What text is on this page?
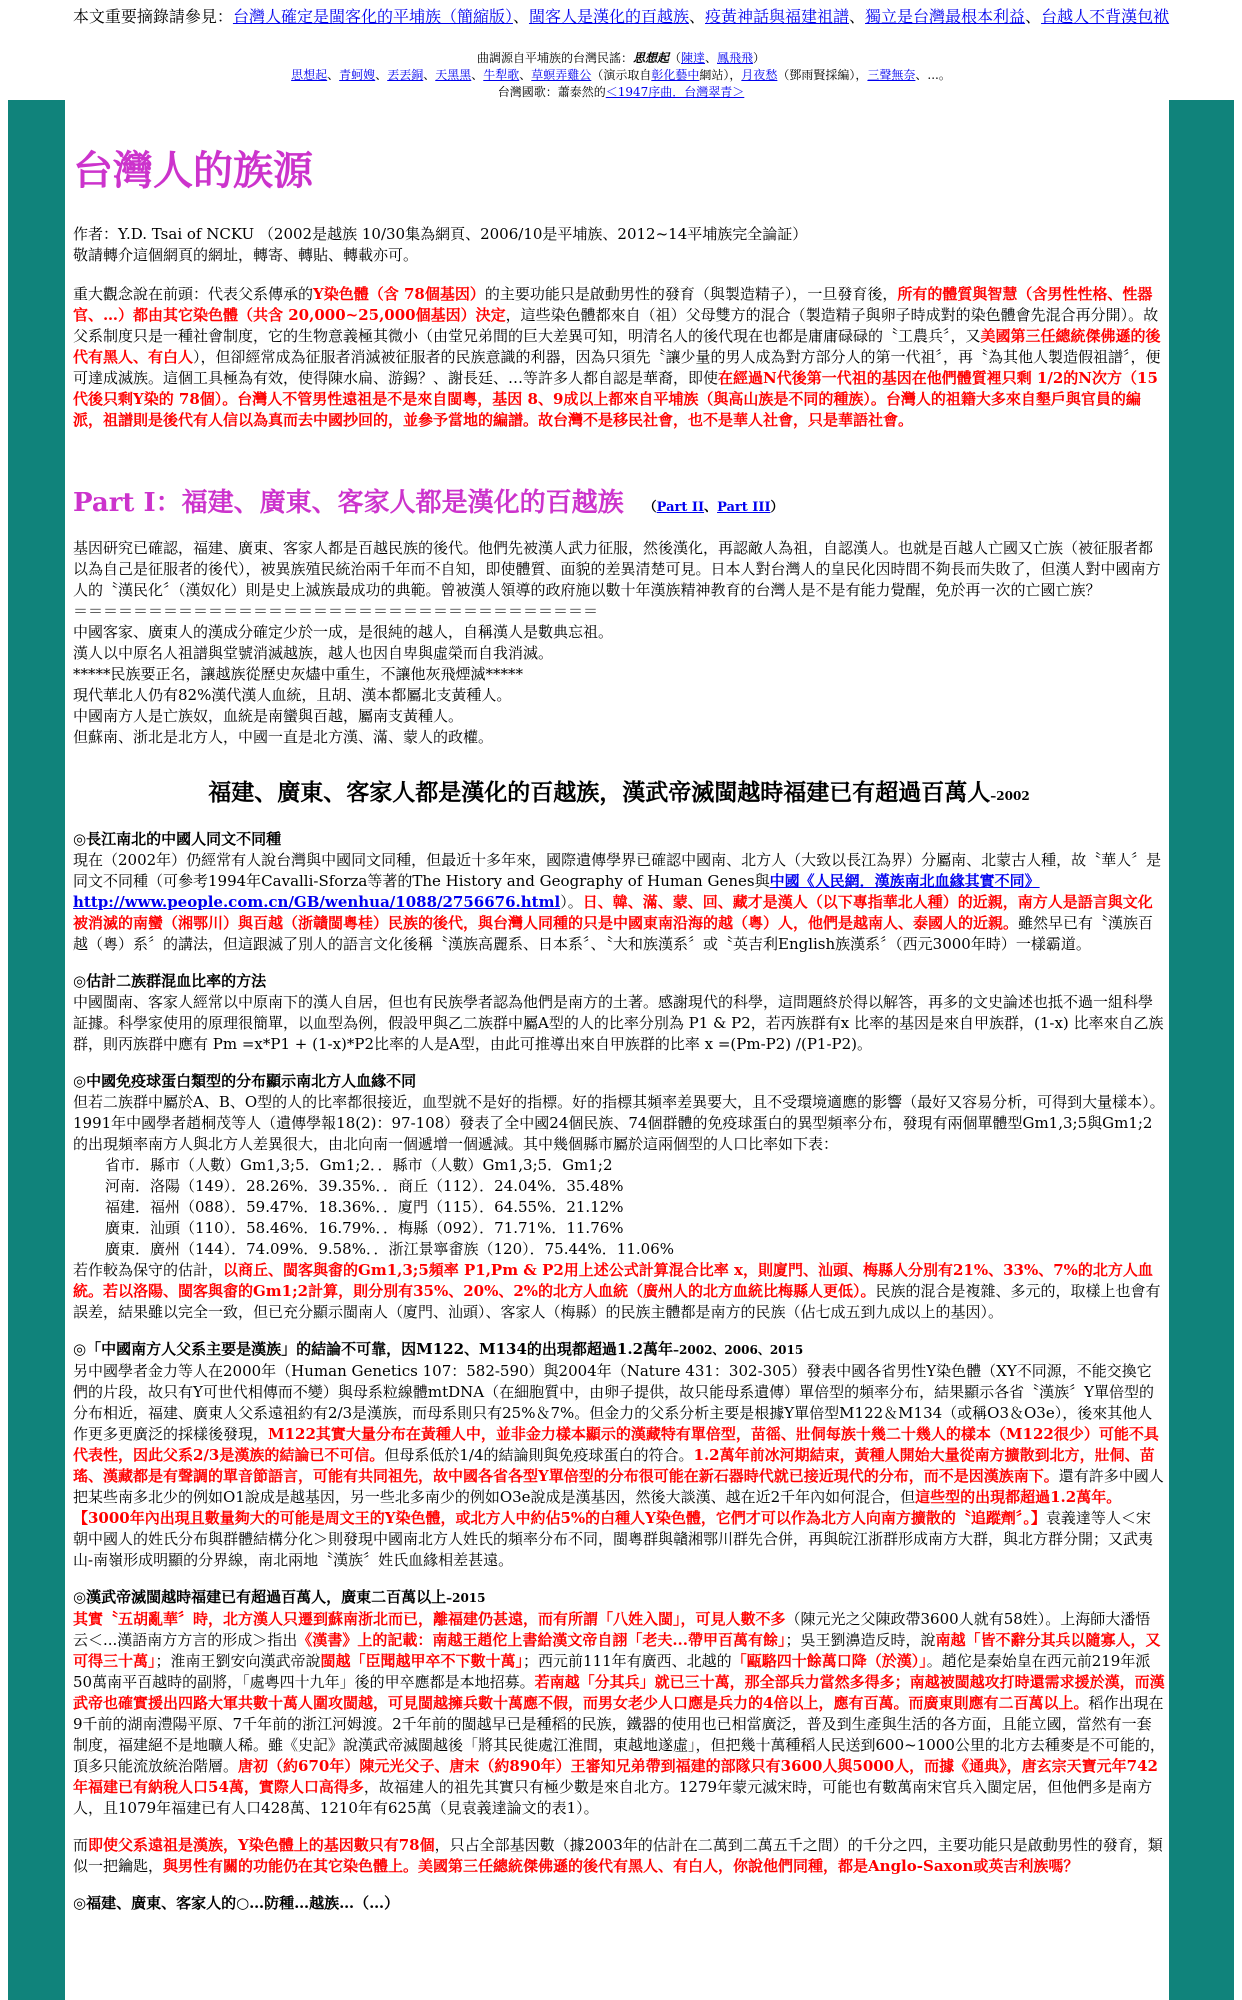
本文重要摘錄請參見：台灣人確定是閩客化的平埔族（簡縮版）、閩客人是漢化的百越族、疫黃神話與福建祖譜、獨立是台灣最根本利益、台越人不背漢包袱
曲調源自平埔族的台灣民謠：思想起（陳達、鳳飛飛）
思想起、青蚵嫂、丟丟銅、天黑黑、牛犁歌、草螟弄雞公（演示取自彰化藝中網站），月夜愁（鄧雨賢採編），三聲無奈、...。
台灣國歌：蕭泰然的＜1947序曲．台灣翠青＞
台灣人的族源

作者：Y.D. Tsai of NCKU （2002是越族 10/30集為網頁、2006/10是平埔族、2012~14平埔族完全論証）

敬請轉介這個網頁的網址，轉寄、轉貼、轉載亦可。

重大觀念說在前頭：代表父系傳承的Y染色體（含 78個基因）的主要功能只是啟動男性的發育（與製造精子），一旦發育後，所有的體質與智慧（含男性性格、性器官、…）都由其它染色體（共含 20,000~25,000個基因）決定，這些染色體都來自（祖）父母雙方的混合（製造精子與卵子時成對的染色體會先混合再分開）。故父系制度只是一種社會制度，它的生物意義極其微小（由堂兄弟間的巨大差異可知，明清名人的後代現在也都是庸庸碌碌的〝工農兵〞，又美國第三任總統傑佛遜的後代有黑人、有白人），但卻經常成為征服者消滅被征服者的民族意識的利器，因為只須先〝讓少量的男人成為對方部分人的第一代祖〞，再〝為其他人製造假祖譜〞，便可達成滅族。這個工具極為有效，使得陳水扁、游錫？、謝長廷、…等許多人都自認是華裔，即使在經過N代後第一代祖的基因在他們體質裡只剩 1/2的N次方（15代後只剩Y染的 78個）。台灣人不管男性遠祖是不是來自閩粵，基因 8、9成以上都來自平埔族（與高山族是不同的種族）。台灣人的祖籍大多來自墾戶與官員的編派，祖譜則是後代有人信以為真而去中國抄回的，並參予當地的編譜。故台灣不是移民社會，也不是華人社會，只是華語社會。

Part I：福建、廣東、客家人都是漢化的百越族 （Part II、Part III）

基因研究已確認，福建、廣東、客家人都是百越民族的後代。他們先被漢人武力征服，然後漢化，再認敵人為祖，自認漢人。也就是百越人亡國又亡族（被征服者都以為自己是征服者的後代），被異族殖民統治兩千年而不自知，即使體質、面貌的差異清楚可見。日本人對台灣人的皇民化因時間不夠長而失敗了，但漢人對中國南方人的〝漢民化〞（漢奴化）則是史上滅族最成功的典範。曾被漢人領導的政府施以數十年漢族精神教育的台灣人是不是有能力覺醒，免於再一次的亡國亡族？

＝＝＝＝＝＝＝＝＝＝＝＝＝＝＝＝＝＝＝＝＝＝＝＝＝＝＝＝＝＝＝＝＝＝＝

中國客家、廣東人的漢成分確定少於一成，是很純的越人，自稱漢人是數典忘祖。

漢人以中原名人祖譜與堂號消滅越族，越人也因自卑與虛榮而自我消滅。

*****民族要正名，讓越族從歷史灰燼中重生，不讓他灰飛煙滅*****

現代華北人仍有82%漢代漢人血統，且胡、漢本都屬北支黃種人。

中國南方人是亡族奴，血統是南蠻與百越，屬南支黃種人。

但蘇南、浙北是北方人，中國一直是北方漢、滿、蒙人的政權。

福建、廣東、客家人都是漢化的百越族，漢武帝滅閩越時福建已有超過百萬人–2002

◎長江南北的中國人同文不同種

現在（2002年）仍經常有人說台灣與中國同文同種，但最近十多年來，國際遺傳學界已確認中國南、北方人（大致以長江為界）分屬南、北蒙古人種，故〝華人〞是同文不同種（可參考1994年Cavalli-Sforza等著的The History and Geography of Human Genes與中國《人民網．漢族南北血緣其實不同》
http://www.people.com.cn/GB/wenhua/1088/2756676.html）。日、韓、滿、蒙、回、藏才是漢人（以下專指華北人種）的近親，南方人是語言與文化被消滅的南蠻（湘鄂川）與百越（浙贛閩粵桂）民族的後代，與台灣人同種的只是中國東南沿海的越（粵）人，他們是越南人、泰國人的近親。雖然早已有〝漢族百越（粵）系〞的講法，但這跟滅了別人的語言文化後稱〝漢族高麗系、日本系〞、〝大和族漢系〞或〝英吉利English族漢系〞（西元3000年時）一樣霸道。

◎估計二族群混血比率的方法

中國閩南、客家人經常以中原南下的漢人自居，但也有民族學者認為他們是南方的土著。感謝現代的科學，這問題終於得以解答，再多的文史論述也抵不過一組科學証據。科學家使用的原理很簡單，以血型為例，假設甲與乙二族群中屬A型的人的比率分別為 P1 & P2，若丙族群有x 比率的基因是來自甲族群，(1-x) 比率來自乙族群，則丙族群中應有 Pm =x*P1 + (1-x)*P2比率的人是A型，由此可推導出來自甲族群的比率 x =(Pm-P2) /(P1-P2)。

◎中國免疫球蛋白類型的分布顯示南北方人血緣不同

但若二族群中屬於A、B、O型的人的比率都很接近，血型就不是好的指標。好的指標其頻率差異要大，且不受環境適應的影響（最好又容易分析，可得到大量樣本）。1991年中國學者趙桐茂等人（遺傳學報18(2)：97-108）發表了全中國24個民族、74個群體的免疫球蛋白的異型頻率分布，發現有兩個單體型Gm1,3;5與Gm1;2的出現頻率南方人與北方人差異很大，由北向南一個遞增一個遞減。其中幾個縣市屬於這兩個型的人口比率如下表：

省市．縣市（人數）Gm1,3;5．Gm1;2．．縣市（人數）Gm1,3;5．Gm1;2
河南．洛陽（149）．28.26%．39.35%．．商丘（112）．24.04%．35.48%
福建．福州（088）．59.47%．18.36%．．廈門（115）．64.55%．21.12%
廣東．汕頭（110）．58.46%．16.79%．．梅縣（092）．71.71%．11.76%
廣東．廣州（144）．74.09%．9.58%．．浙江景寧畬族（120）．75.44%．11.06%

若作較為保守的估計，以商丘、閩客與畬的Gm1,3;5頻率 P1,Pm & P2用上述公式計算混合比率 x，則廈門、汕頭、梅縣人分別有21%、33%、7%的北方人血統。若以洛陽、閩客與畬的Gm1;2計算，則分別有35%、20%、2%的北方人血統（廣州人的北方血統比梅縣人更低）。民族的混合是複雜、多元的，取樣上也會有誤差，結果雖以完全一致，但已充分顯示閩南人（廈門、汕頭）、客家人（梅縣）的民族主體都是南方的民族（佔七成五到九成以上的基因）。

◎「中國南方人父系主要是漢族」的結論不可靠，因M122、M134的出現都超過1.2萬年–2002、2006、2015

另中國學者金力等人在2000年（Human Genetics 107：582-590）與2004年（Nature 431：302-305）發表中國各省男性Y染色體（XY不同源，不能交換它們的片段，故只有Y可世代相傳而不變）與母系粒線體mtDNA（在細胞質中，由卵子提供，故只能母系遺傳）單倍型的頻率分布，結果顯示各省〝漢族〞Y單倍型的分布相近，福建、廣東人父系遠祖約有2/3是漢族，而母系則只有25%＆7%。但金力的父系分析主要是根據Y單倍型M122＆M134（或稱O3＆O3e），後來其他人作更多更廣泛的採樣後發現，M122其實大量分布在黃種人中，並非金力樣本顯示的漢藏特有單倍型，苗徭、壯侗每族十幾二十幾人的樣本（M122很少）可能不具代表性，因此父系2/3是漢族的結論已不可信。但母系低於1/4的結論則與免疫球蛋白的符合。1.2萬年前冰河期結束，黃種人開始大量從南方擴散到北方，壯侗、苗瑤、漢藏都是有聲調的單音節語言，可能有共同祖先，故中國各省各型Y單倍型的分布很可能在新石器時代就已接近現代的分布，而不是因漢族南下。還有許多中國人把某些南多北少的例如O1說成是越基因，另一些北多南少的例如O3e說成是漢基因，然後大談漢、越在近2千年內如何混合，但這些型的出現都超過1.2萬年。【3000年內出現且數量夠大的可能是周文王的Y染色體，或北方人中約佔5%的白種人Y染色體，它們才可以作為北方人向南方擴散的〝追蹤劑〞。】袁義達等人＜宋朝中國人的姓氏分布與群體結構分化＞則發現中國南北方人姓氏的頻率分布不同，閩粵群與贛湘鄂川群先合併，再與皖江浙群形成南方大群，與北方群分開；又武夷山-南嶺形成明顯的分界線，南北兩地〝漢族〞姓氏血緣相差甚遠。

◎漢武帝滅閩越時福建已有超過百萬人，廣東二百萬以上–2015

其實〝五胡亂華〞時，北方漢人只遷到蘇南浙北而已，離福建仍甚遠，而有所謂「八姓入閩」，可見人數不多（陳元光之父陳政帶3600人就有58姓）。上海師大潘悟云＜...漢語南方方言的形成＞指出《漢書》上的記載：南越王趙佗上書給漢文帝自詡「老夫...帶甲百萬有餘」；吳王劉濞造反時，說南越「皆不辭分其兵以隨寡人，又可得三十萬」；淮南王劉安向漢武帝說閩越「臣聞越甲卒不下數十萬」；西元前111年有廣西、北越的「甌駱四十餘萬口降（於漢）」。趙佗是秦始皇在西元前219年派50萬南平百越時的副將，「處粵四十九年」後的甲卒應都是本地招募。若南越「分其兵」就已三十萬，那全部兵力當然多得多；南越被閩越攻打時還需求援於漢，而漢武帝也確實援出四路大軍共數十萬人圍攻閩越，可見閩越擁兵數十萬應不假，而男女老少人口應是兵力的4倍以上，應有百萬。而廣東則應有二百萬以上。稻作出現在9千前的湖南澧陽平原、7千年前的浙江河姆渡。2千年前的閩越早已是種稻的民族，鐵器的使用也已相當廣泛，普及到生產與生活的各方面，且能立國，當然有一套制度，福建絕不是地曠人稀。雖《史記》說漢武帝滅閩越後「將其民徙處江淮間，東越地遂虛」，但把幾十萬種稻人民送到600~1000公里的北方去種麥是不可能的，頂多只能流放統治階層。唐初（約670年）陳元光父子、唐末（約890年）王審知兄弟帶到福建的部隊只有3600人與5000人，而據《通典》，唐玄宗天寶元年742年福建已有納稅人口54萬，實際人口高得多，故福建人的祖先其實只有極少數是來自北方。1279年蒙元滅宋時，可能也有數萬南宋官兵入閩定居，但他們多是南方人，且1079年福建已有人口428萬、1210年有625萬（見袁義達論文的表1）。

而即使父系遠祖是漢族，Y染色體上的基因數只有78個，只占全部基因數（據2003年的估計在二萬到二萬五千之間）的千分之四，主要功能只是啟動男性的發育，類似一把鑰匙，與男性有關的功能仍在其它染色體上。美國第三任總統傑佛遜的後代有黑人、有白人，你說他們同種，都是Anglo-Saxon或英吉利族嗎？

◎福建、廣東、客家人的○…防種…越族…（…）
